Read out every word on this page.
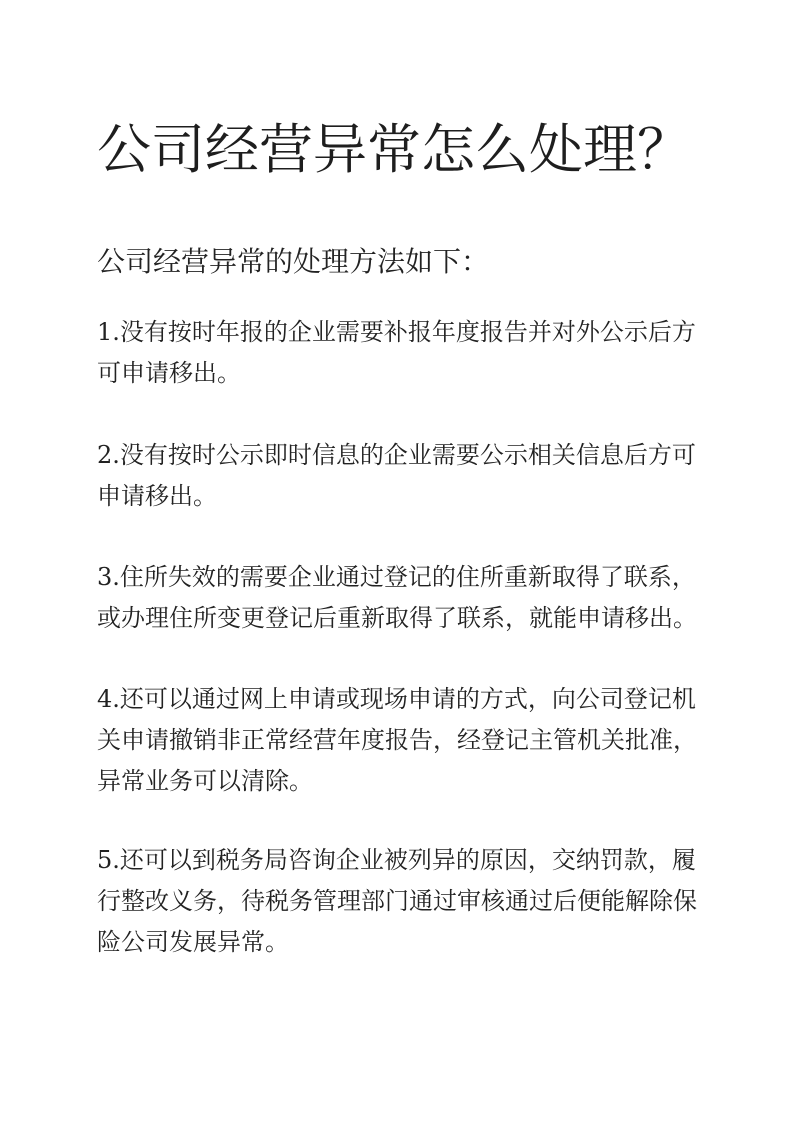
公司经营异常怎么处理？
公司经营异常的处理方法如下：
1.没有按时年报的企业需要补报年度报告并对外公示后方
可申请移出。
2.没有按时公示即时信息的企业需要公示相关信息后方可
申请移出。
3.住所失效的需要企业通过登记的住所重新取得了联系，
或办理住所变更登记后重新取得了联系，就能申请移出。
4.还可以通过网上申请或现场申请的方式，向公司登记机
关申请撤销非正常经营年度报告，经登记主管机关批准，
异常业务可以清除。
5.还可以到税务局咨询企业被列异的原因，交纳罚款，履
行整改义务，待税务管理部门通过审核通过后便能解除保
险公司发展异常。
